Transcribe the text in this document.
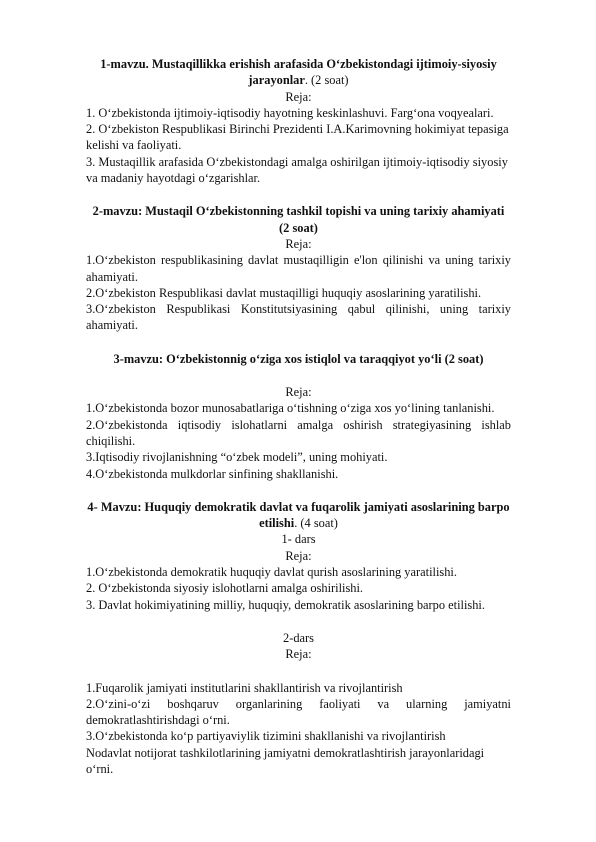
1-mavzu. Mustaqillikka erishish arafasida O‘zbekistondagi ijtimoiy-siyosiy jarayonlar. (2 soat)
Reja:
1. O‘zbekistonda ijtimoiy-iqtisodiy hayotning keskinlashuvi. Farg‘ona voqyealari.
2. O‘zbekiston Respublikasi Birinchi Prezidenti I.A.Karimovning hokimiyat tepasiga kelishi va faoliyati.
3. Mustaqillik arafasida O‘zbekistondagi amalga oshirilgan ijtimoiy-iqtisodiy siyosiy va madaniy hayotdagi o‘zgarishlar.
2-mavzu: Mustaqil O‘zbekistonning tashkil topishi va uning tarixiy ahamiyati (2 soat)
Reja:
1.O‘zbekiston respublikasining davlat mustaqilligin e'lon qilinishi va uning tarixiy ahamiyati.
2.O‘zbekiston Respublikasi davlat mustaqilligi huquqiy asoslarining yaratilishi.
3.O‘zbekiston Respublikasi Konstitutsiyasining qabul qilinishi, uning tarixiy ahamiyati.
3-mavzu: O‘zbekistonnig o‘ziga xos istiqlol va taraqqiyot yo‘li (2 soat)
Reja:
1.O‘zbekistonda bozor munosabatlariga o‘tishning o‘ziga xos yo‘lining tanlanishi.
2.O‘zbekistonda iqtisodiy islohatlarni amalga oshirish strategiyasining ishlab chiqilishi.
3.Iqtisodiy rivojlanishning “o‘zbek modeli”, uning mohiyati.
4.O‘zbekistonda mulkdorlar sinfining shakllanishi.
4- Mavzu: Huquqiy demokratik davlat va fuqarolik jamiyati asoslarining barpo etilishi. (4 soat)
1- dars
Reja:
1.O‘zbekistonda demokratik huquqiy davlat qurish asoslarining yaratilishi.
2. O‘zbekistonda siyosiy islohotlarni amalga oshirilishi.
3. Davlat hokimiyatining milliy, huquqiy, demokratik asoslarining barpo etilishi.
2-dars
Reja:
1.Fuqarolik jamiyati institutlarini shakllantirish va rivojlantirish
2.O‘zini-o‘zi boshqaruv organlarining faoliyati va ularning jamiyatni demokratlashtirishdagi o‘rni.
3.O‘zbekistonda ko‘p partiyaviylik tizimini shakllanishi va rivojlantirish
Nodavlat notijorat tashkilotlarining jamiyatni demokratlashtirish jarayonlaridagi o‘rni.
